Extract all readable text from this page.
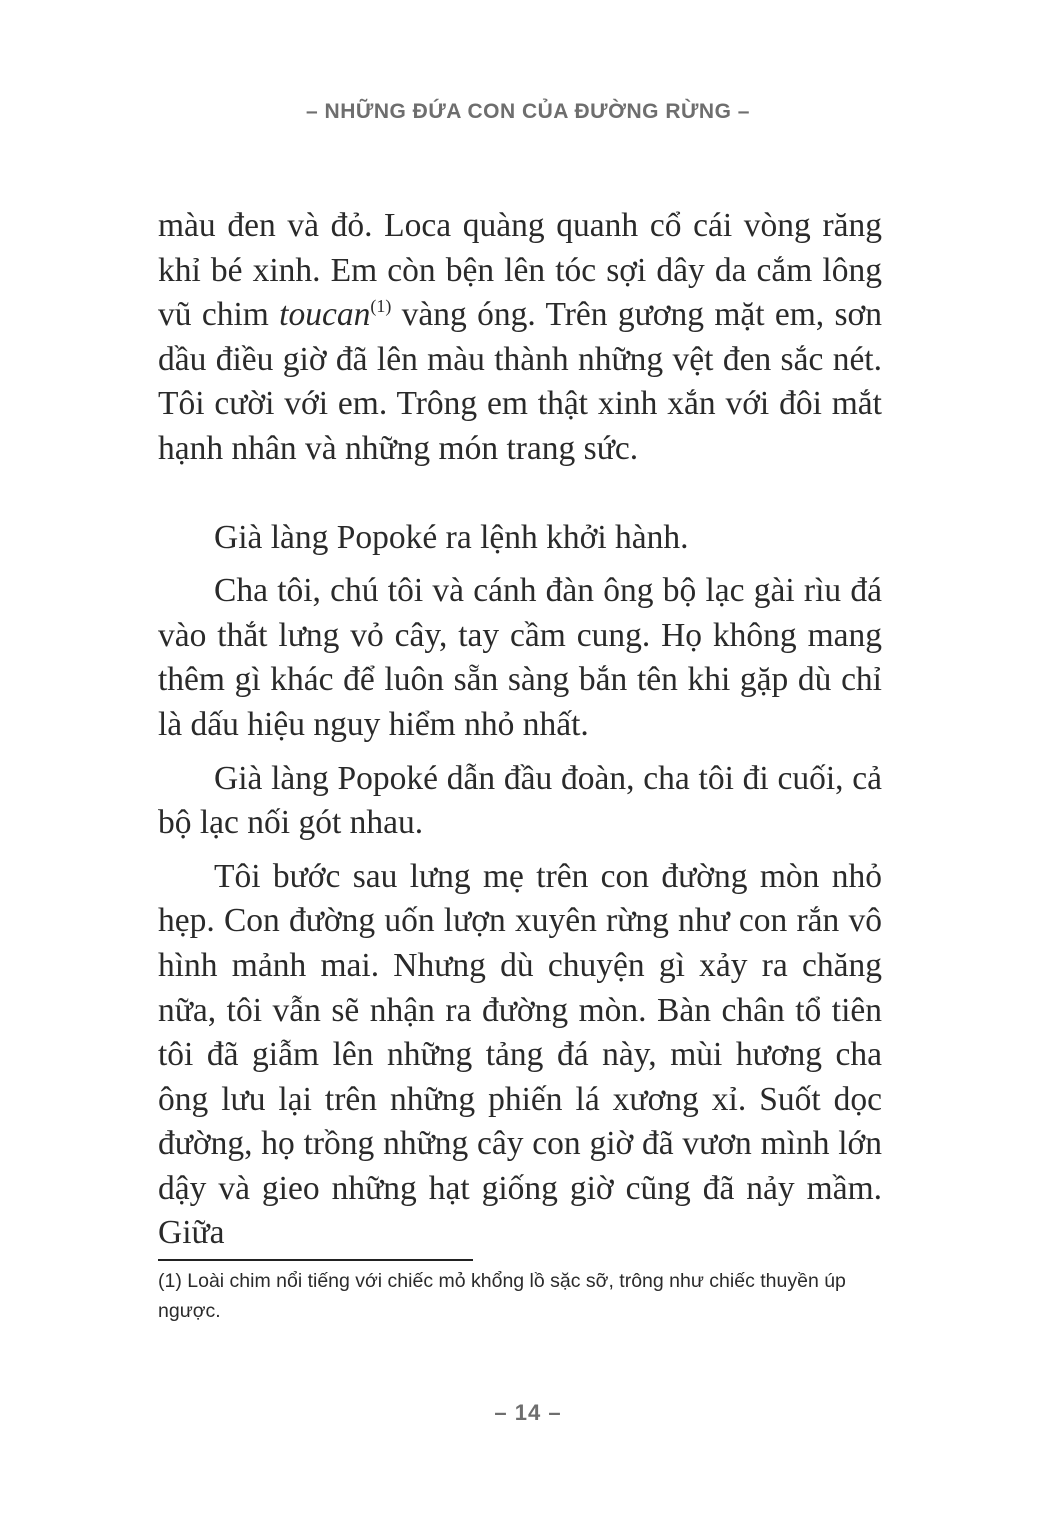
– NHỮNG ĐỨA CON CỦA ĐƯỜNG RỪNG –

màu đen và đỏ. Loca quàng quanh cổ cái vòng răng khỉ bé xinh. Em còn bện lên tóc sợi dây da cắm lông vũ chim toucan$^{(1)}$ vàng óng. Trên gương mặt em, sơn dầu điều giờ đã lên màu thành những vệt đen sắc nét. Tôi cười với em. Trông em thật xinh xắn với đôi mắt hạnh nhân và những món trang sức.

Già làng Popoké ra lệnh khởi hành.

Cha tôi, chú tôi và cánh đàn ông bộ lạc gài rìu đá vào thắt lưng vỏ cây, tay cầm cung. Họ không mang thêm gì khác để luôn sẵn sàng bắn tên khi gặp dù chỉ là dấu hiệu nguy hiểm nhỏ nhất.

Già làng Popoké dẫn đầu đoàn, cha tôi đi cuối, cả bộ lạc nối gót nhau.

Tôi bước sau lưng mẹ trên con đường mòn nhỏ hẹp. Con đường uốn lượn xuyên rừng như con rắn vô hình mảnh mai. Nhưng dù chuyện gì xảy ra chăng nữa, tôi vẫn sẽ nhận ra đường mòn. Bàn chân tổ tiên tôi đã giẫm lên những tảng đá này, mùi hương cha ông lưu lại trên những phiến lá xương xỉ. Suốt dọc đường, họ trồng những cây con giờ đã vươn mình lớn dậy và gieo những hạt giống giờ cũng đã nảy mầm. Giữa

(1) Loài chim nổi tiếng với chiếc mỏ khổng lồ sặc sỡ, trông như chiếc thuyền úp ngược.
– 14 –
